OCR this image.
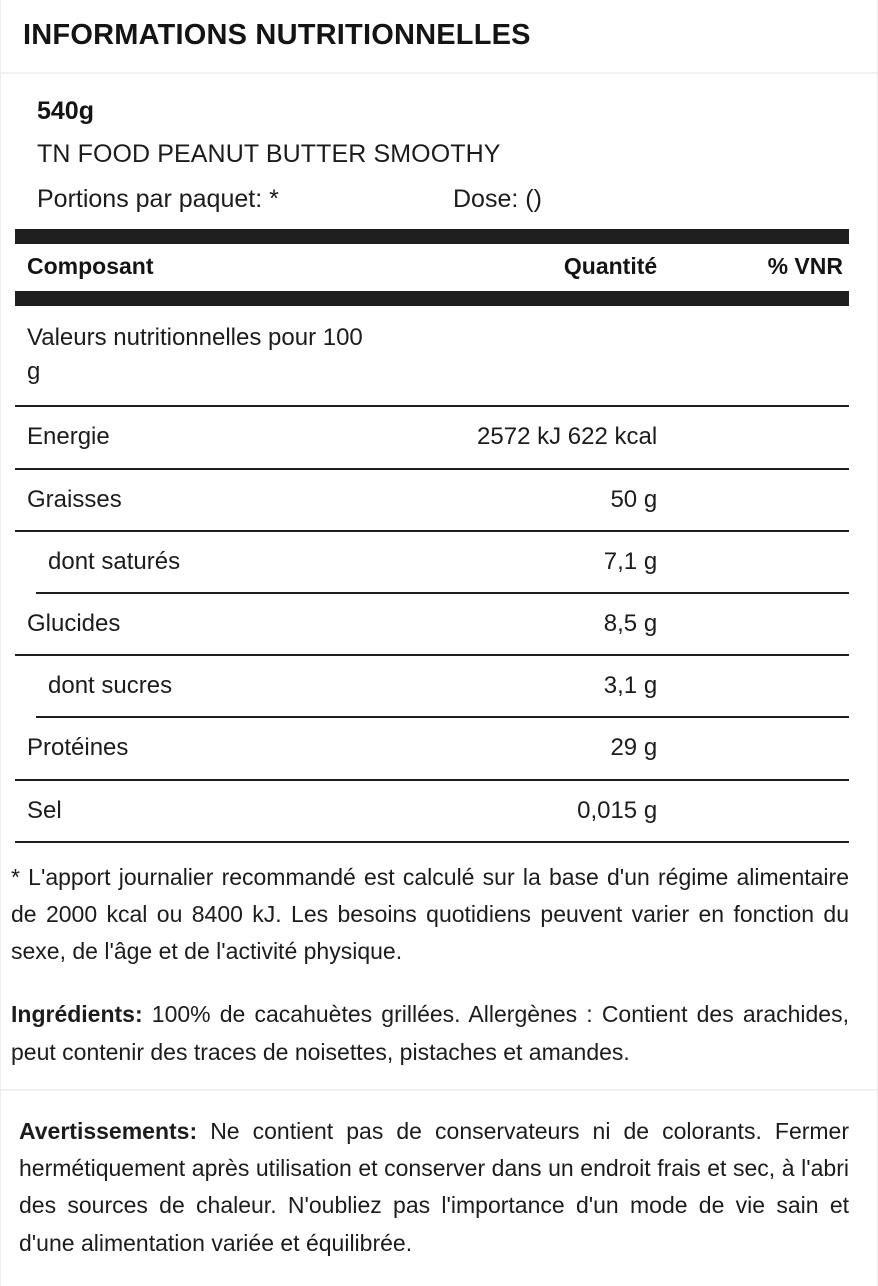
INFORMATIONS NUTRITIONNELLES
540g
TN FOOD PEANUT BUTTER SMOOTHY
Portions par paquet: *	Dose: ()

Composant	Quantité	% VNR

Valeurs nutritionnelles pour 100 g		
Energie	2572 kJ 622 kcal	
Graisses	50 g	
dont saturés	7,1 g	
Glucides	8,5 g	
dont sucres	3,1 g	
Protéines	29 g	
Sel	0,015 g	

* L'apport journalier recommandé est calculé sur la base d'un régime alimentaire de 2000 kcal ou 8400 kJ. Les besoins quotidiens peuvent varier en fonction du sexe, de l'âge et de l'activité physique.

Ingrédients: 100% de cacahuètes grillées. Allergènes : Contient des arachides, peut contenir des traces de noisettes, pistaches et amandes.

Avertissements: Ne contient pas de conservateurs ni de colorants. Fermer hermétiquement après utilisation et conserver dans un endroit frais et sec, à l'abri des sources de chaleur. N'oubliez pas l'importance d'un mode de vie sain et d'une alimentation variée et équilibrée.
